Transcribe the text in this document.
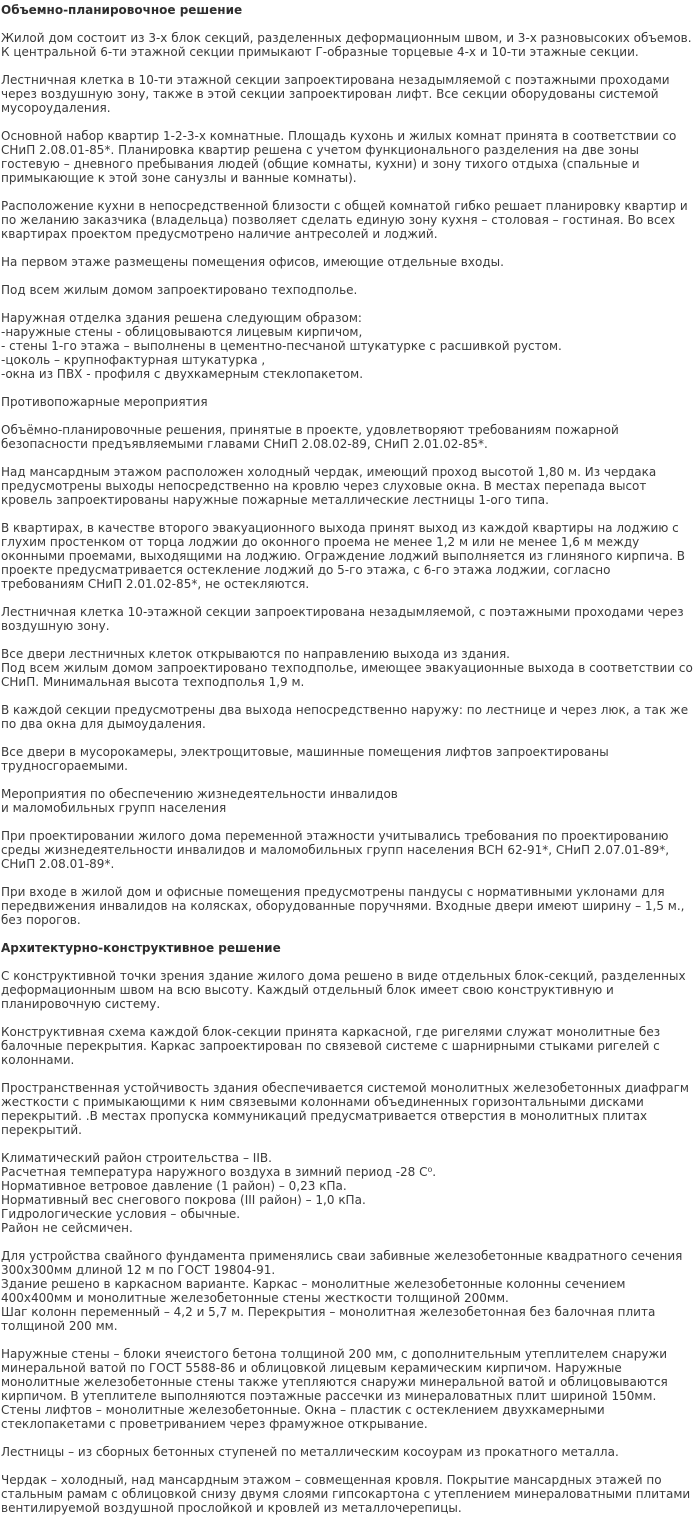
Объемно-планировочное решение

Жилой дом состоит из 3-х блок секций, разделенных деформационным швом, и 3-х разновысоких объемов. К центральной 6-ти этажной секции примыкают Г-образные торцевые 4-х и 10-ти этажные секции.

Лестничная клетка в 10-ти этажной секции запроектирована незадымляемой с поэтажными проходами через воздушную зону, также в этой секции запроектирован лифт. Все секции оборудованы системой мусороудаления.

Основной набор квартир 1-2-3-х комнатные. Площадь кухонь и жилых комнат принята в соответствии со СНиП 2.08.01-85*. Планировка квартир решена с учетом функционального разделения на две зоны гостевую – дневного пребывания людей (общие комнаты, кухни) и зону тихого отдыха (спальные и примыкающие к этой зоне санузлы и ванные комнаты).

Расположение кухни в непосредственной близости с общей комнатой гибко решает планировку квартир и по желанию заказчика (владельца) позволяет сделать единую зону кухня – столовая – гостиная. Во всех квартирах проектом предусмотрено наличие антресолей и лоджий.

На первом этаже размещены помещения офисов, имеющие отдельные входы.

Под всем жилым домом запроектировано техподполье.

Наружная отделка здания решена следующим образом:
-наружные стены - облицовываются лицевым кирпичом,
- стены 1-го этажа – выполнены в цементно-песчаной штукатурке с расшивкой рустом.
-цоколь – крупнофактурная штукатурка ,
-окна из ПВХ - профиля с двухкамерным стеклопакетом.

Противопожарные мероприятия

Объёмно-планировочные решения, принятые в проекте, удовлетворяют требованиям пожарной безопасности предъявляемыми главами СНиП 2.08.02-89, СНиП 2.01.02-85*.

Над мансардным этажом расположен холодный чердак, имеющий проход высотой 1,80 м. Из чердака предусмотрены выходы непосредственно на кровлю через слуховые окна. В местах перепада высот кровель запроектированы наружные пожарные металлические лестницы 1-ого типа.

В квартирах, в качестве второго эвакуационного выхода принят выход из каждой квартиры на лоджию с глухим простенком от торца лоджии до оконного проема не менее 1,2 м или не менее 1,6 м между оконными проемами, выходящими на лоджию. Ограждение лоджий выполняется из глиняного кирпича. В проекте предусматривается остекление лоджий до 5-го этажа, с 6-го этажа лоджии, согласно требованиям СНиП 2.01.02-85*, не остекляются.

Лестничная клетка 10-этажной секции запроектирована незадымляемой, с поэтажными проходами через воздушную зону.

Все двери лестничных клеток открываются по направлению выхода из здания.
Под всем жилым домом запроектировано техподполье, имеющее эвакуационные выхода в соответствии со СНиП. Минимальная высота техподполья 1,9 м.

В каждой секции предусмотрены два выхода непосредственно наружу: по лестнице и через люк, а так же по два окна для дымоудаления.

Все двери в мусорокамеры, электрощитовые, машинные помещения лифтов запроектированы трудносгораемыми.

Мероприятия по обеспечению жизнедеятельности инвалидов
и маломобильных групп населения

При проектировании жилого дома переменной этажности учитывались требования по проектированию среды жизнедеятельности инвалидов и маломобильных групп населения ВСН 62-91*, СНиП 2.07.01-89*, СНиП 2.08.01-89*.

При входе в жилой дом и офисные помещения предусмотрены пандусы с нормативными уклонами для передвижения инвалидов на колясках, оборудованные поручнями. Входные двери имеют ширину – 1,5 м., без порогов.

Архитектурно-конструктивное решение

С конструктивной точки зрения здание жилого дома решено в виде отдельных блок-секций, разделенных деформационным швом на всю высоту. Каждый отдельный блок имеет свою конструктивную и планировочную систему.

Конструктивная схема каждой блок-секции принята каркасной, где ригелями служат монолитные без балочные перекрытия. Каркас запроектирован по связевой системе с шарнирными стыками ригелей с колоннами.

Пространственная устойчивость здания обеспечивается системой монолитных железобетонных диафрагм жесткости с примыкающими к ним связевыми колоннами объединенных горизонтальными дисками перекрытий. .В местах пропуска коммуникаций предусматривается отверстия в монолитных плитах перекрытий.

Климатический район строительства – IIВ.
Расчетная температура наружного воздуха в зимний период -28 С⁰.
Нормативное ветровое давление (1 район) – 0,23 кПа.
Нормативный вес снегового покрова (III район) – 1,0 кПа.
Гидрологические условия – обычные.
Район не сейсмичен.

Для устройства свайного фундамента применялись сваи забивные железобетонные квадратного сечения 300х300мм длиной 12 м по ГОСТ 19804-91.
Здание решено в каркасном варианте. Каркас – монолитные железобетонные колонны сечением 400х400мм и монолитные железобетонные стены жесткости толщиной 200мм.
Шаг колонн переменный – 4,2 и 5,7 м. Перекрытия – монолитная железобетонная без балочная плита толщиной 200 мм.

Наружные стены – блоки ячеистого бетона толщиной 200 мм, с дополнительным утеплителем снаружи минеральной ватой по ГОСТ 5588-86 и облицовкой лицевым керамическим кирпичом. Наружные монолитные железобетонные стены также утепляются снаружи минеральной ватой и облицовываются кирпичом. В утеплителе выполняются поэтажные рассечки из минераловатных плит шириной 150мм.
Стены лифтов – монолитные железобетонные. Окна – пластик с остеклением двухкамерными стеклопакетами с проветриванием через фрамужное открывание.

Лестницы – из сборных бетонных ступеней по металлическим косоурам из прокатного металла.

Чердак – холодный, над мансардным этажом – совмещенная кровля. Покрытие мансардных этажей по стальным рамам с облицовкой снизу двумя слоями гипсокартона с утеплением минераловатными плитами вентилируемой воздушной прослойкой и кровлей из металлочерепицы.
